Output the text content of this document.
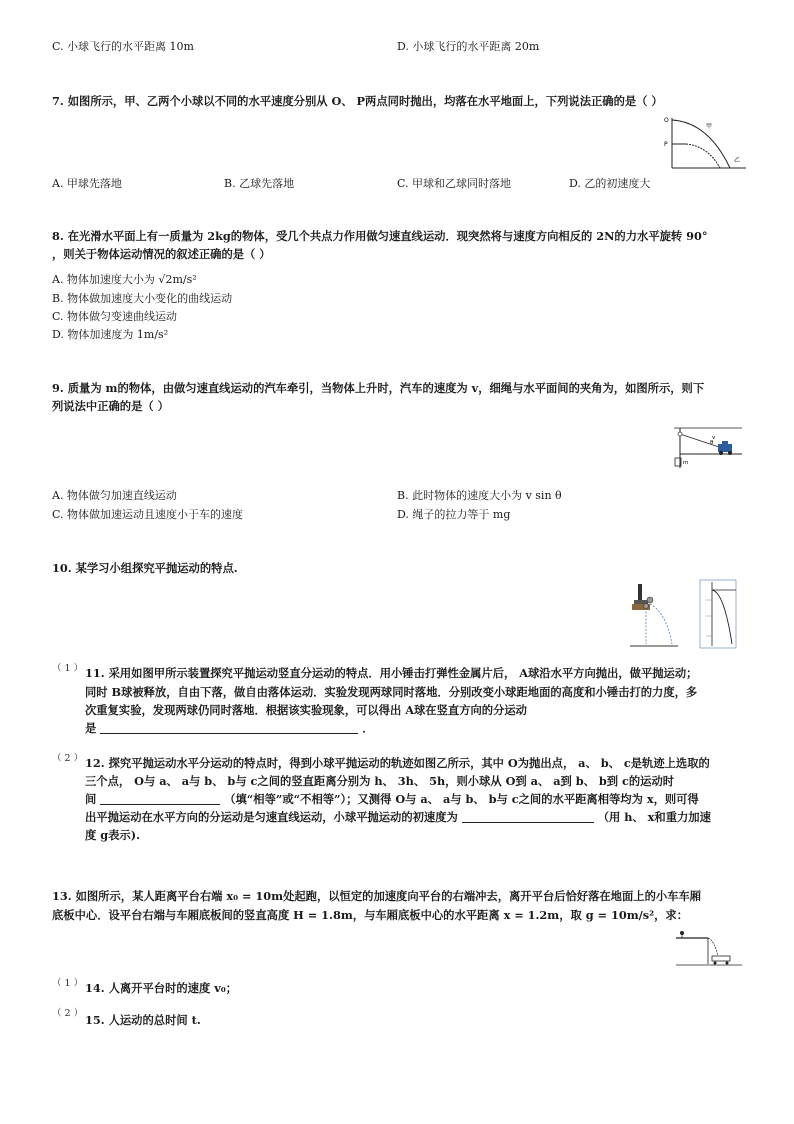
C. 小球飞行的水平距离 10m	D. 小球飞行的水平距离 20m
7. 如图所示，甲、乙两个小球以不同的水平速度分别从 O、 P两点同时抛出，均落在水平地面上，下列说法正确的是（ ）
O
P
甲
乙
A. 甲球先落地	B. 乙球先落地	C. 甲球和乙球同时落地	D. 乙的初速度大
8. 在光滑水平面上有一质量为 2kg的物体，受几个共点力作用做匀速直线运动．现突然将与速度方向相反的 2N的力水平旋转 90°
，则关于物体运动情况的叙述正确的是（ ）
A. 物体加速度大小为 √2m/s²
B. 物体做加速度大小变化的曲线运动
C. 物体做匀变速曲线运动
D. 物体加速度为 1m/s²
9. 质量为 m的物体，由做匀速直线运动的汽车牵引，当物体上升时，汽车的速度为 v，细绳与水平面间的夹角为，如图所示，则下
列说法中正确的是（ ）
θ
v
m
A. 物体做匀加速直线运动	B. 此时物体的速度大小为 v sin θ
C. 物体做加速运动且速度小于车的速度	D. 绳子的拉力等于 mg
10. 某学习小组探究平抛运动的特点.
（ 1 ） 11. 采用如图甲所示装置探究平抛运动竖直分运动的特点．用小锤击打弹性金属片后， A球沿水平方向抛出，做平抛运动；
同时 B球被释放，自由下落，做自由落体运动．实验发现两球同时落地．分别改变小球距地面的高度和小锤击打的力度，多
次重复实验，发现两球仍同时落地．根据该实验现象，可以得出 A球在竖直方向的分运动
是	．
（ 2 ） 12. 探究平抛运动水平分运动的特点时，得到小球平抛运动的轨迹如图乙所示，其中 O为抛出点， a、 b、 c是轨迹上选取的
三个点， O与 a、 a与 b、 b与 c之间的竖直距离分别为 h、 3h、 5h，则小球从 O到 a、 a到 b、 b到 c的运动时
间	（填“相等”或“不相等”）；又测得 O与 a、 a与 b、 b与 c之间的水平距离相等均为 x，则可得
出平抛运动在水平方向的分运动是匀速直线运动，小球平抛运动的初速度为	（用 h、 x和重力加速
度 g表示).
13. 如图所示，某人距离平台右端 x₀ = 10m处起跑，以恒定的加速度向平台的右端冲去，离开平台后恰好落在地面上的小车车厢
底板中心．设平台右端与车厢底板间的竖直高度 H = 1.8m，与车厢底板中心的水平距离 x = 1.2m，取 g = 10m/s²，求：
（ 1 ） 14. 人离开平台时的速度 v₀；
（ 2 ） 15. 人运动的总时间 t.
